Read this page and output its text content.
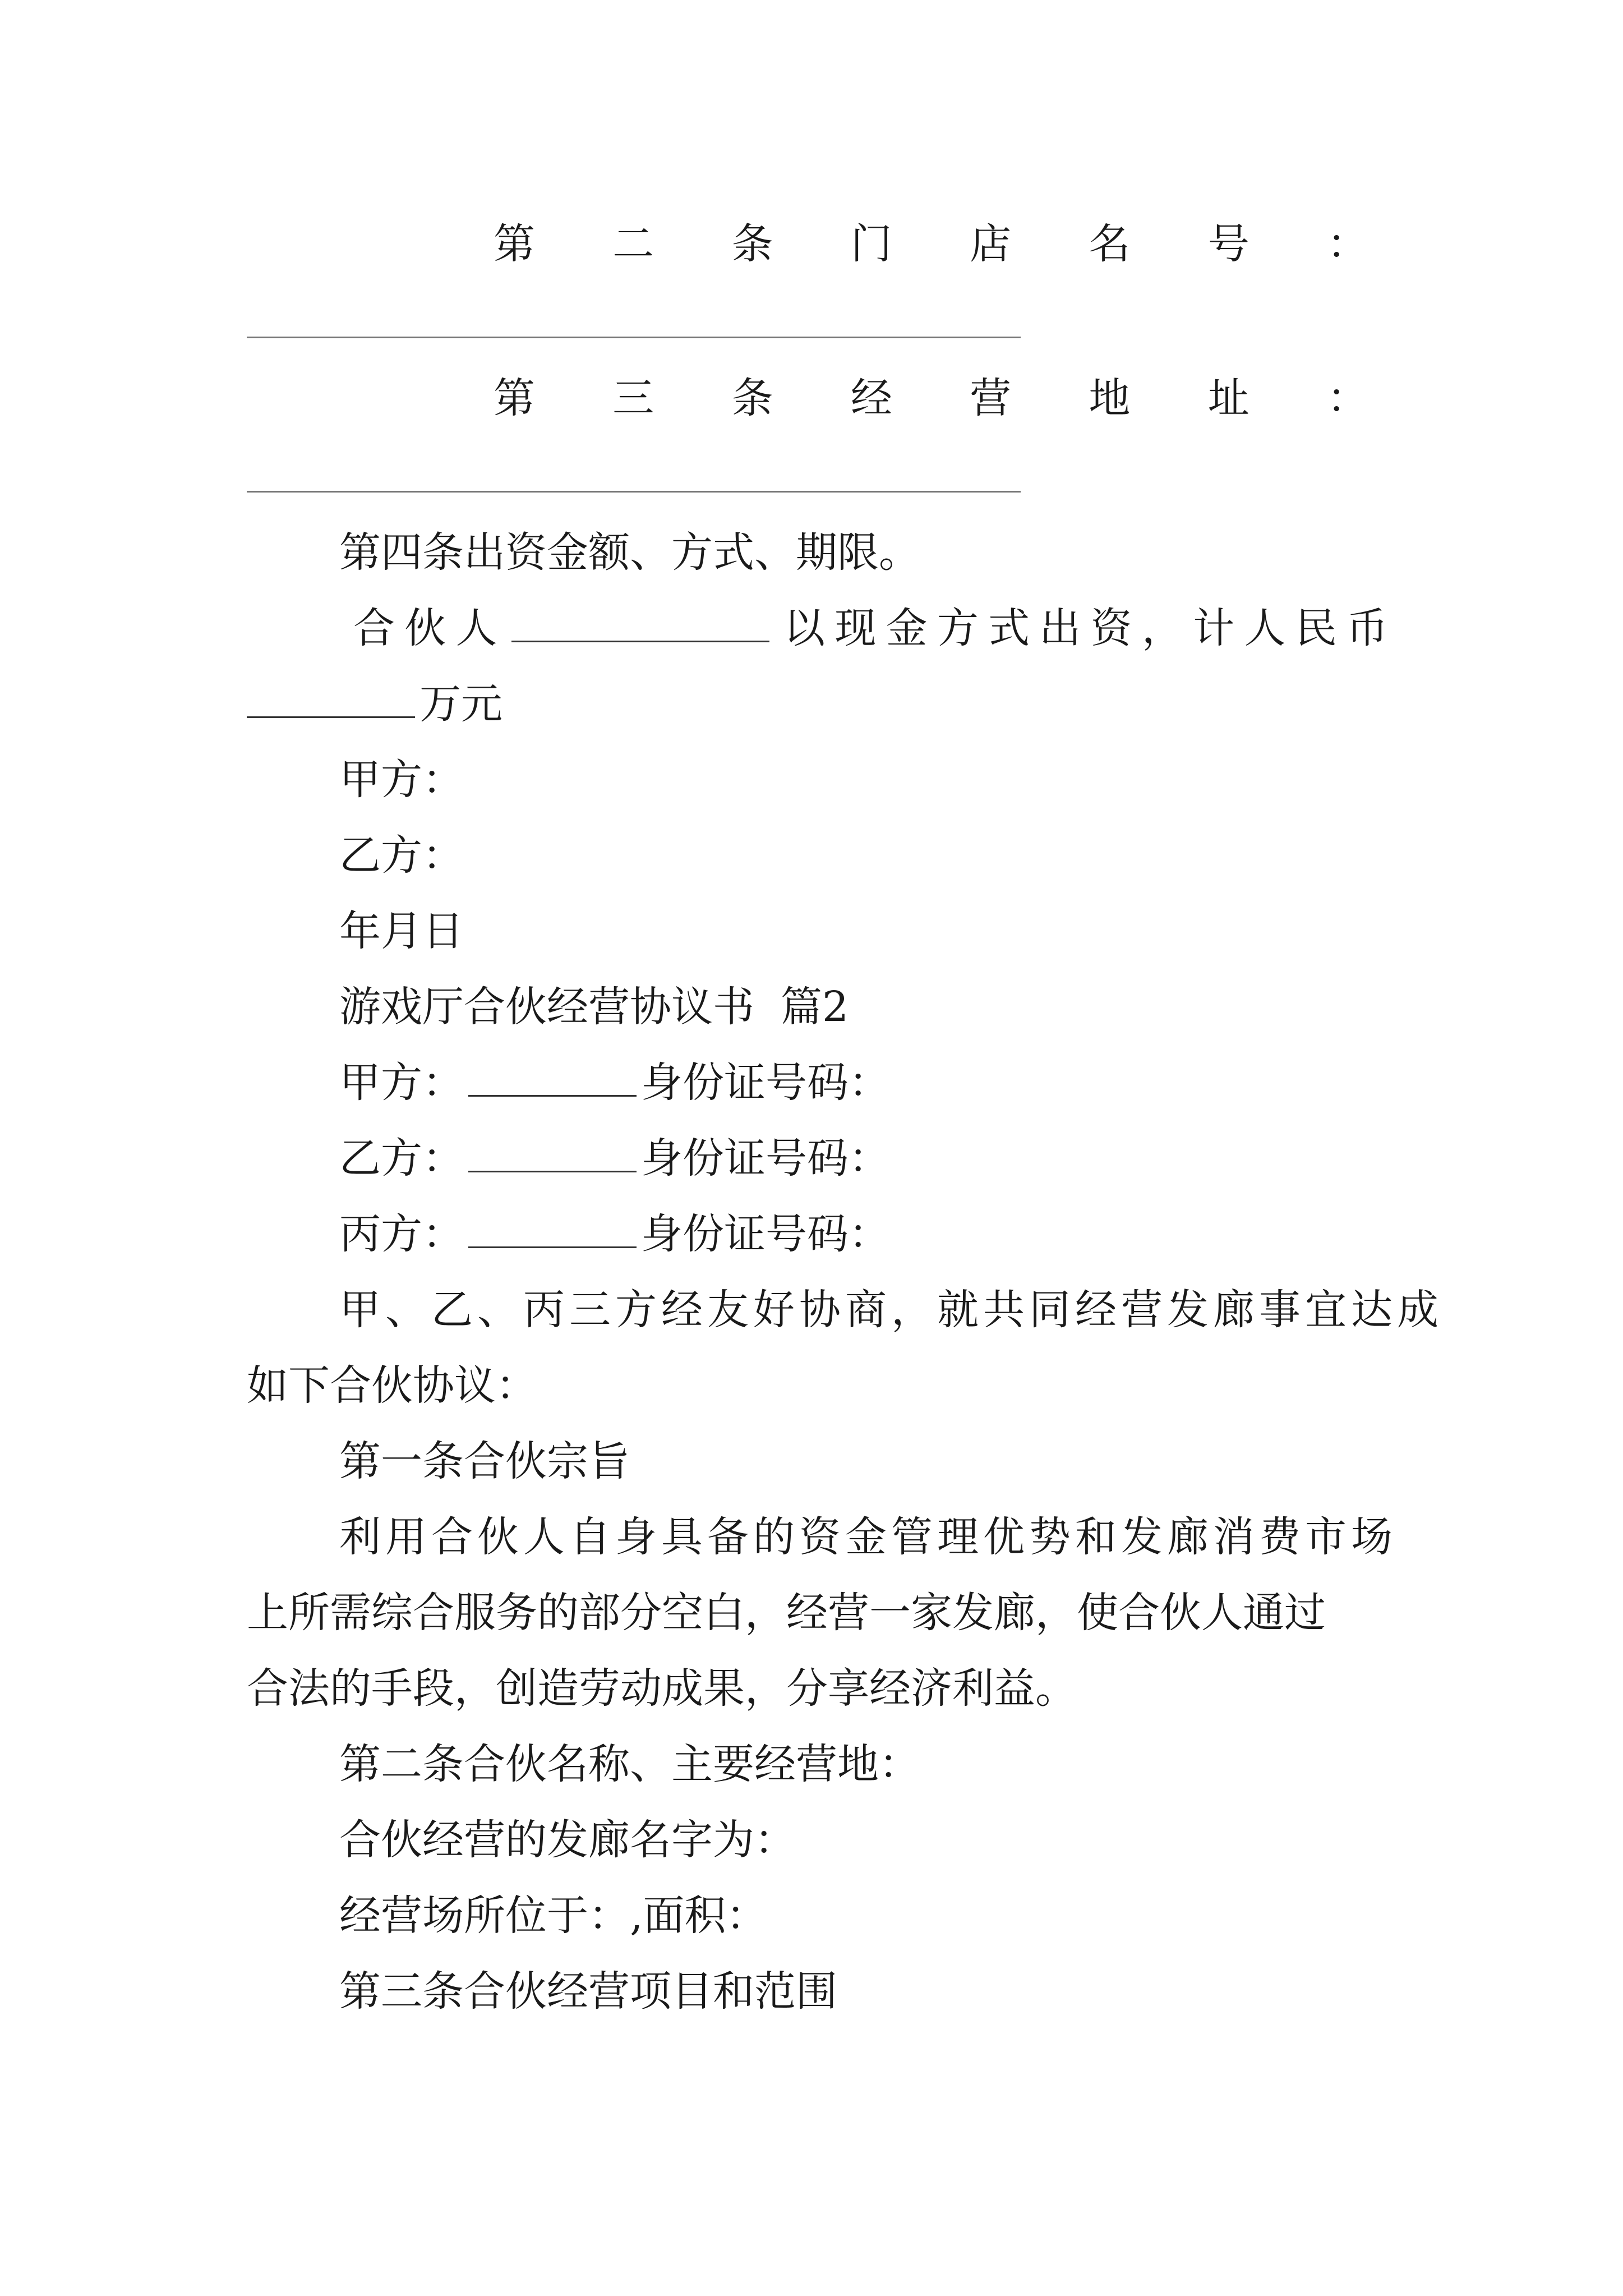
第 二 条 门 店 名 号 ：
第 三 条 经 营 地 址 ：
第四条出资金额、方式、期限。
合 伙 人	以 现 金 方 式 出 资 ， 计 人 民 币
万元
甲方：
乙方：
年月日
游戏厅合伙经营协议书  篇2
甲方：	身份证号码：
乙方：	身份证号码：
丙方：	身份证号码：
甲、乙、丙三方经友好协商，就共同经营发廊事宜达成
如下合伙协议：
第一条合伙宗旨
利用合伙人自身具备的资金管理优势和发廊消费市场
上所需综合服务的部分空白，经营一家发廊，使合伙人通过
合法的手段，创造劳动成果，分享经济利益。
第二条合伙名称、主要经营地：
合伙经营的发廊名字为：
经营场所位于：,面积：
第三条合伙经营项目和范围
